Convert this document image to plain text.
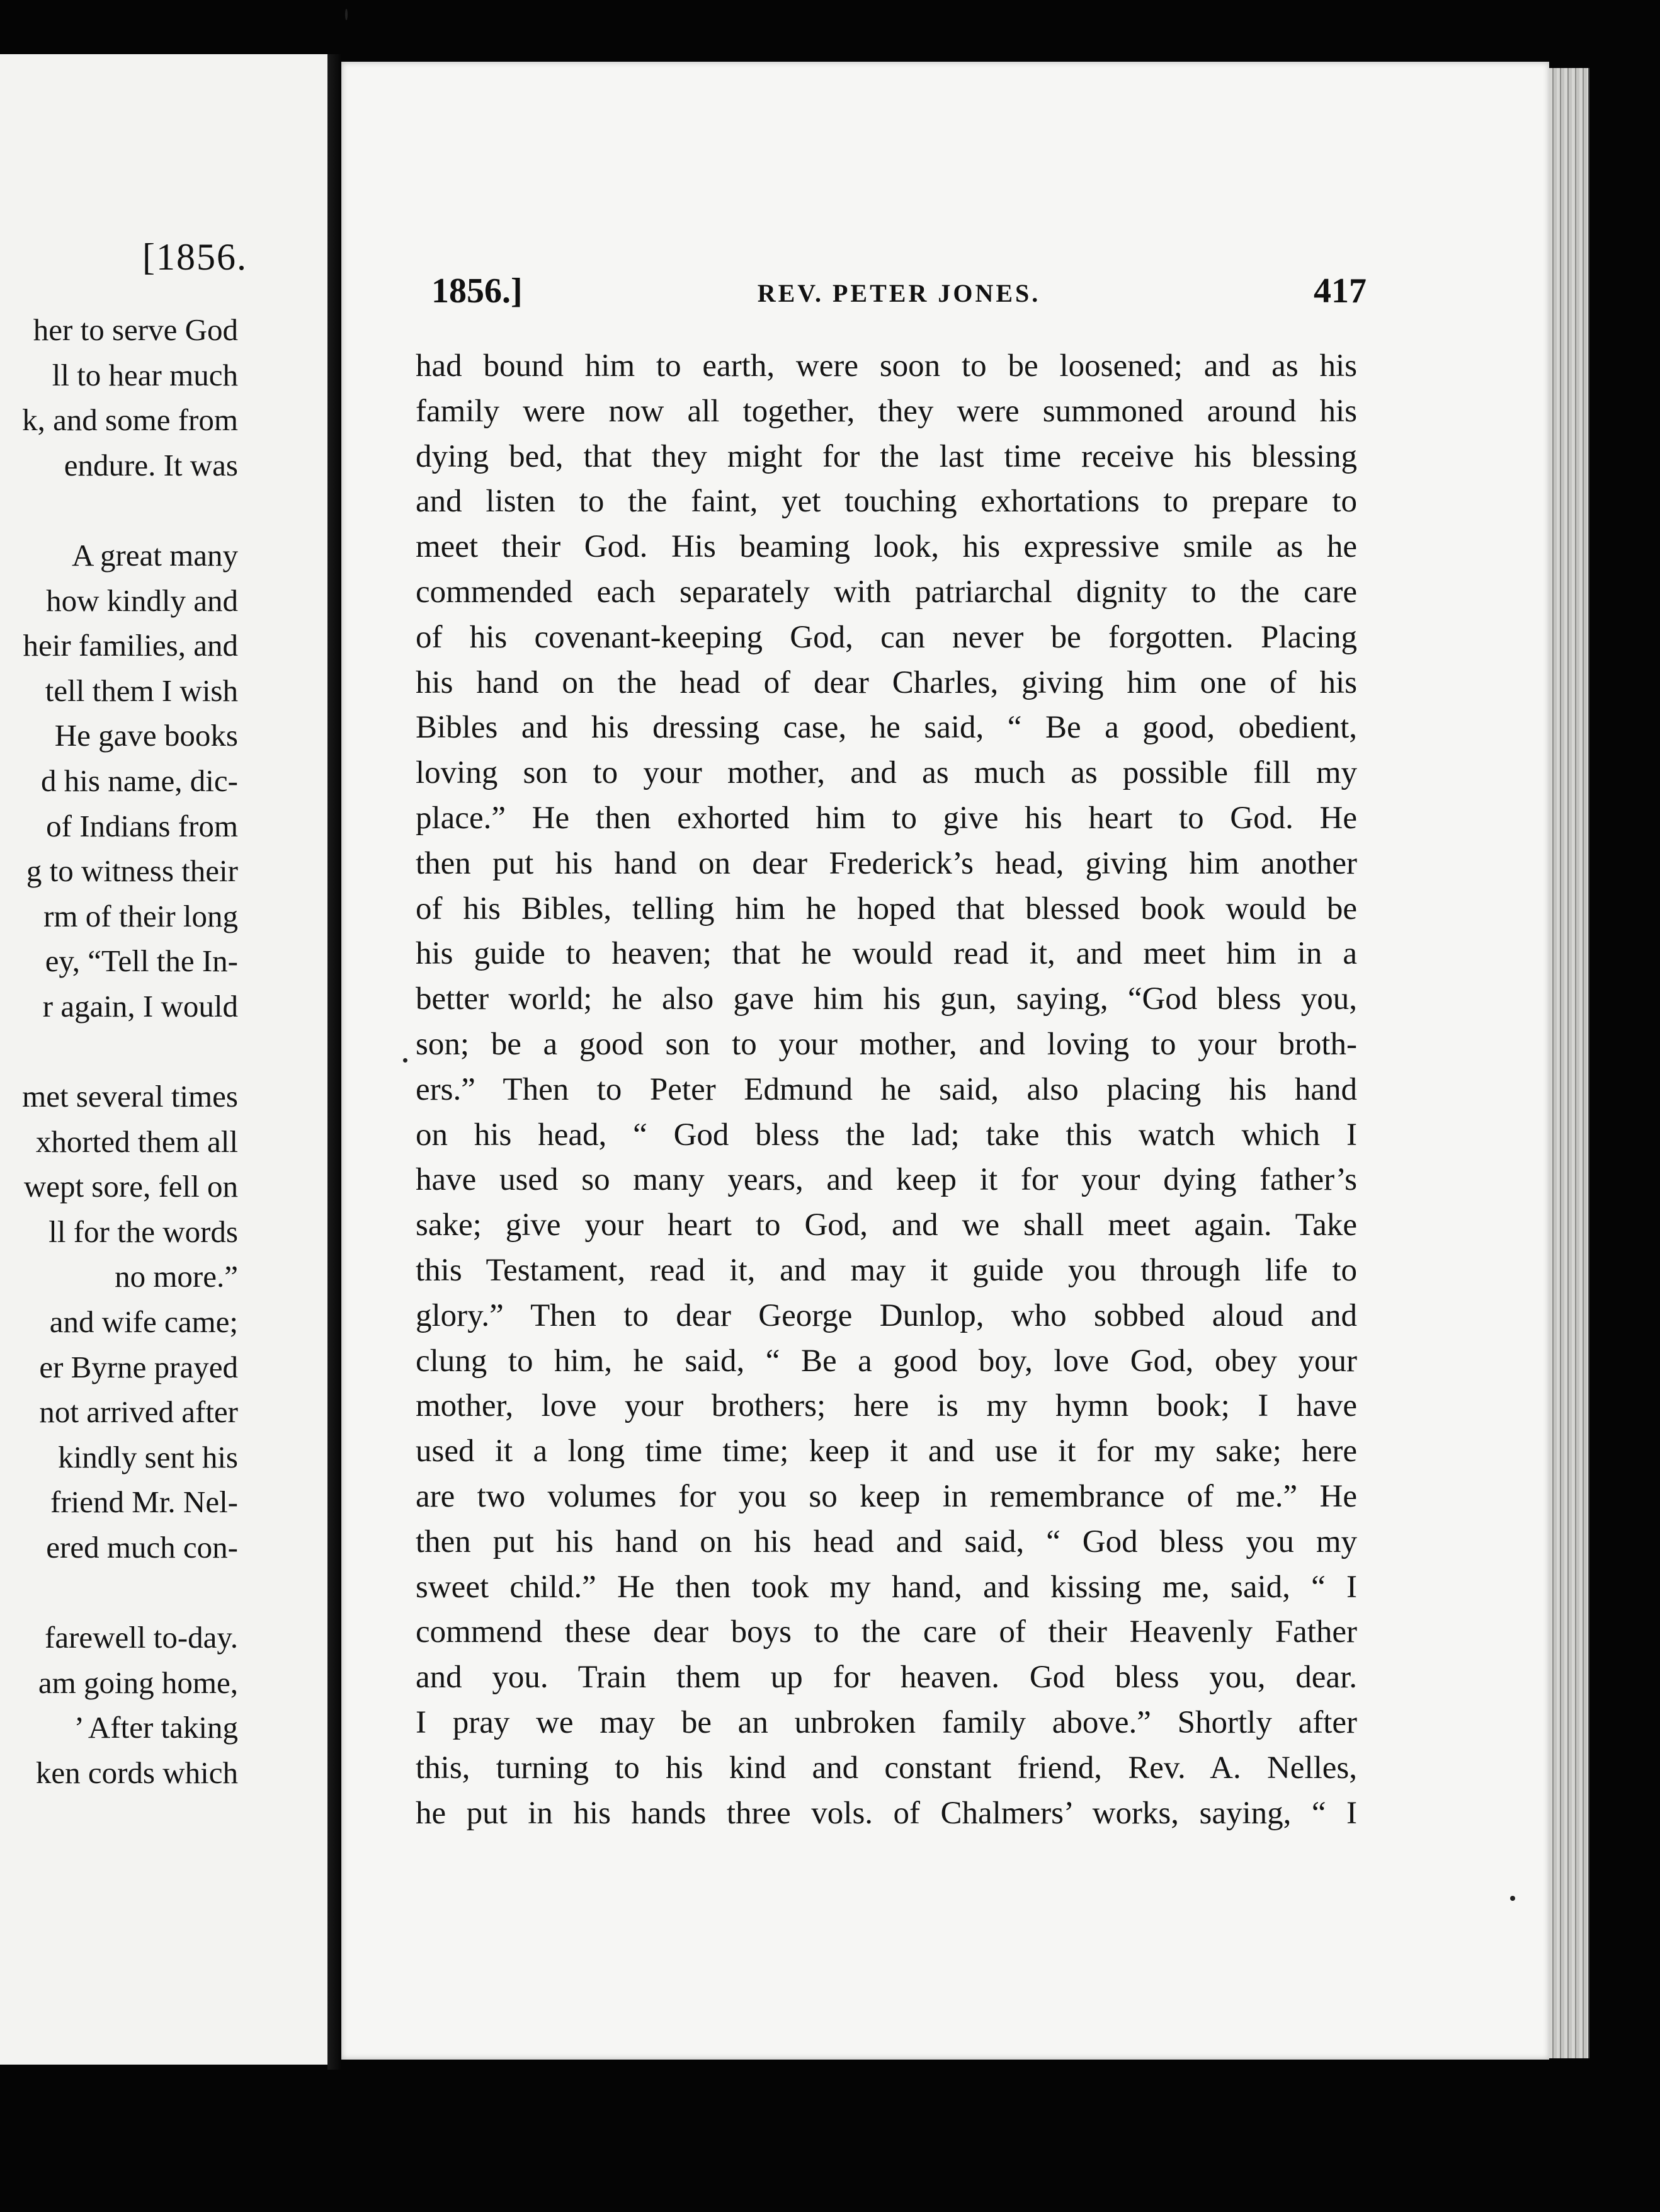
[1856.
her to serve God
ll to hear much
k, and some from
endure. It was

A great many
how kindly and
heir families, and
tell them I wish
He gave books
d his name, dic-
of Indians from
g to witness their
rm of their long
ey, “Tell the In-
r again, I would

met several times
xhorted them all
wept sore, fell on
ll for the words
no more.”
and wife came;
er Byrne prayed
not arrived after
kindly sent his
friend Mr. Nel-
ered much con-

farewell to-day.
am going home,
’ After taking
ken cords which
1856.]	REV. PETER JONES.	417
had bound him to earth, were soon to be loosened; and as his
family were now all together, they were summoned around his
dying bed, that they might for the last time receive his blessing
and listen to the faint, yet touching exhortations to prepare to
meet their God. His beaming look, his expressive smile as he
commended each separately with patriarchal dignity to the care
of his covenant-keeping God, can never be forgotten. Placing
his hand on the head of dear Charles, giving him one of his
Bibles and his dressing case, he said, “ Be a good, obedient,
loving son to your mother, and as much as possible fill my
place.” He then exhorted him to give his heart to God. He
then put his hand on dear Frederick’s head, giving him another
of his Bibles, telling him he hoped that blessed book would be
his guide to heaven; that he would read it, and meet him in a
better world; he also gave him his gun, saying, “God bless you,
son; be a good son to your mother, and loving to your broth-
ers.” Then to Peter Edmund he said, also placing his hand
on his head, “ God bless the lad; take this watch which I
have used so many years, and keep it for your dying father’s
sake; give your heart to God, and we shall meet again. Take
this Testament, read it, and may it guide you through life to
glory.” Then to dear George Dunlop, who sobbed aloud and
clung to him, he said, “ Be a good boy, love God, obey your
mother, love your brothers; here is my hymn book; I have
used it a long time time; keep it and use it for my sake; here
are two volumes for you so keep in remembrance of me.” He
then put his hand on his head and said, “ God bless you my
sweet child.” He then took my hand, and kissing me, said, “ I
commend these dear boys to the care of their Heavenly Father
and you. Train them up for heaven. God bless you, dear.
I pray we may be an unbroken family above.” Shortly after
this, turning to his kind and constant friend, Rev. A. Nelles,
he put in his hands three vols. of Chalmers’ works, saying, “ I
